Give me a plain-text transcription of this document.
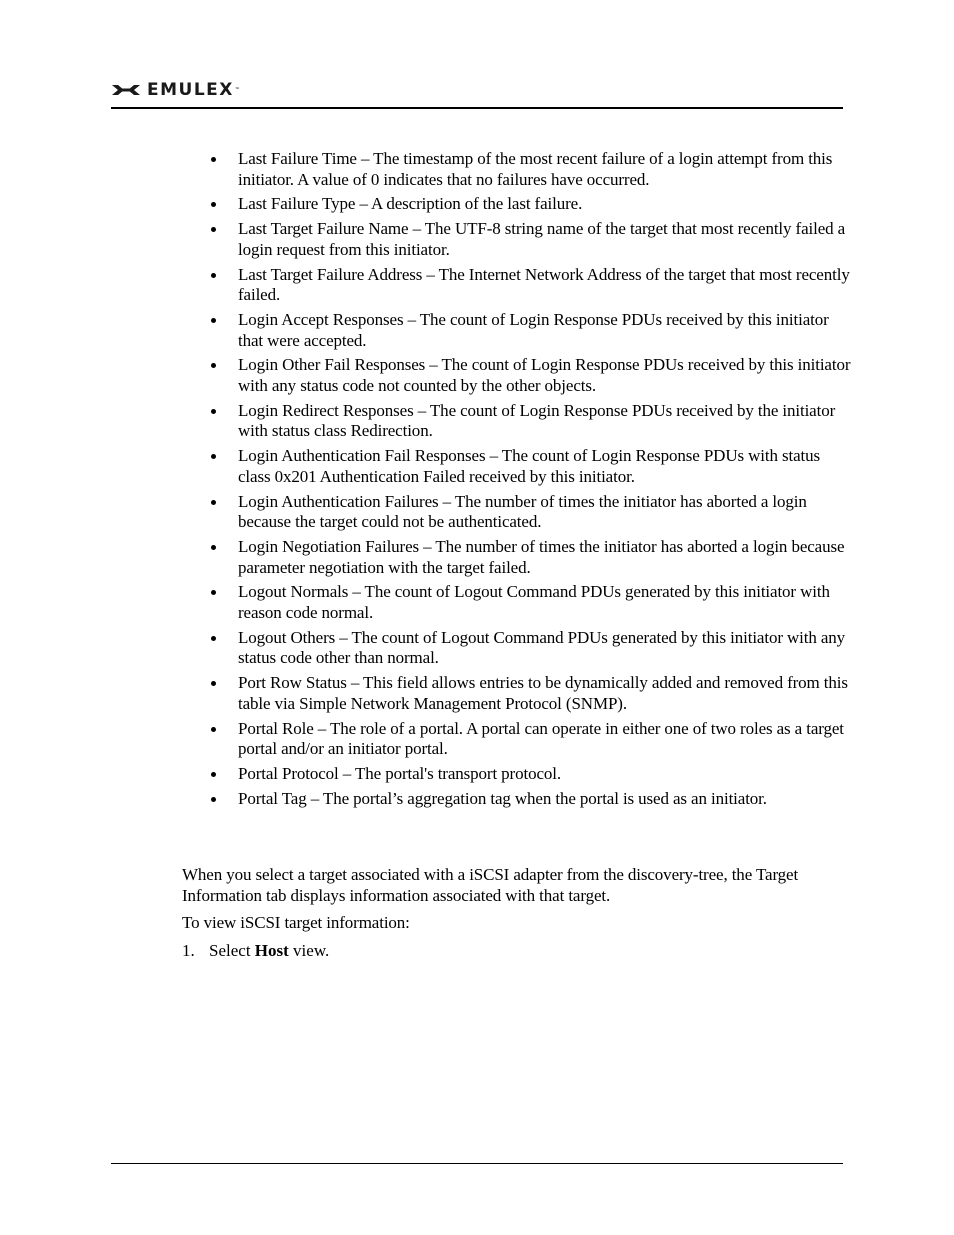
EMULEX™
Last Failure Time – The timestamp of the most recent failure of a login attempt from this initiator. A value of 0 indicates that no failures have occurred.
Last Failure Type – A description of the last failure.
Last Target Failure Name – The UTF-8 string name of the target that most recently failed a login request from this initiator.
Last Target Failure Address – The Internet Network Address of the target that most recently failed.
Login Accept Responses – The count of Login Response PDUs received by this initiator that were accepted.
Login Other Fail Responses – The count of Login Response PDUs received by this initiator with any status code not counted by the other objects.
Login Redirect Responses – The count of Login Response PDUs received by the initiator with status class Redirection.
Login Authentication Fail Responses – The count of Login Response PDUs with status class 0x201 Authentication Failed received by this initiator.
Login Authentication Failures – The number of times the initiator has aborted a login because the target could not be authenticated.
Login Negotiation Failures – The number of times the initiator has aborted a login because parameter negotiation with the target failed.
Logout Normals – The count of Logout Command PDUs generated by this initiator with reason code normal.
Logout Others – The count of Logout Command PDUs generated by this initiator with any status code other than normal.
Port Row Status – This field allows entries to be dynamically added and removed from this table via Simple Network Management Protocol (SNMP).
Portal Role – The role of a portal. A portal can operate in either one of two roles as a target portal and/or an initiator portal.
Portal Protocol – The portal's transport protocol.
Portal Tag – The portal’s aggregation tag when the portal is used as an initiator.

When you select a target associated with a iSCSI adapter from the discovery-tree, the Target Information tab displays information associated with that target.

To view iSCSI target information:

1. Select Host view.
